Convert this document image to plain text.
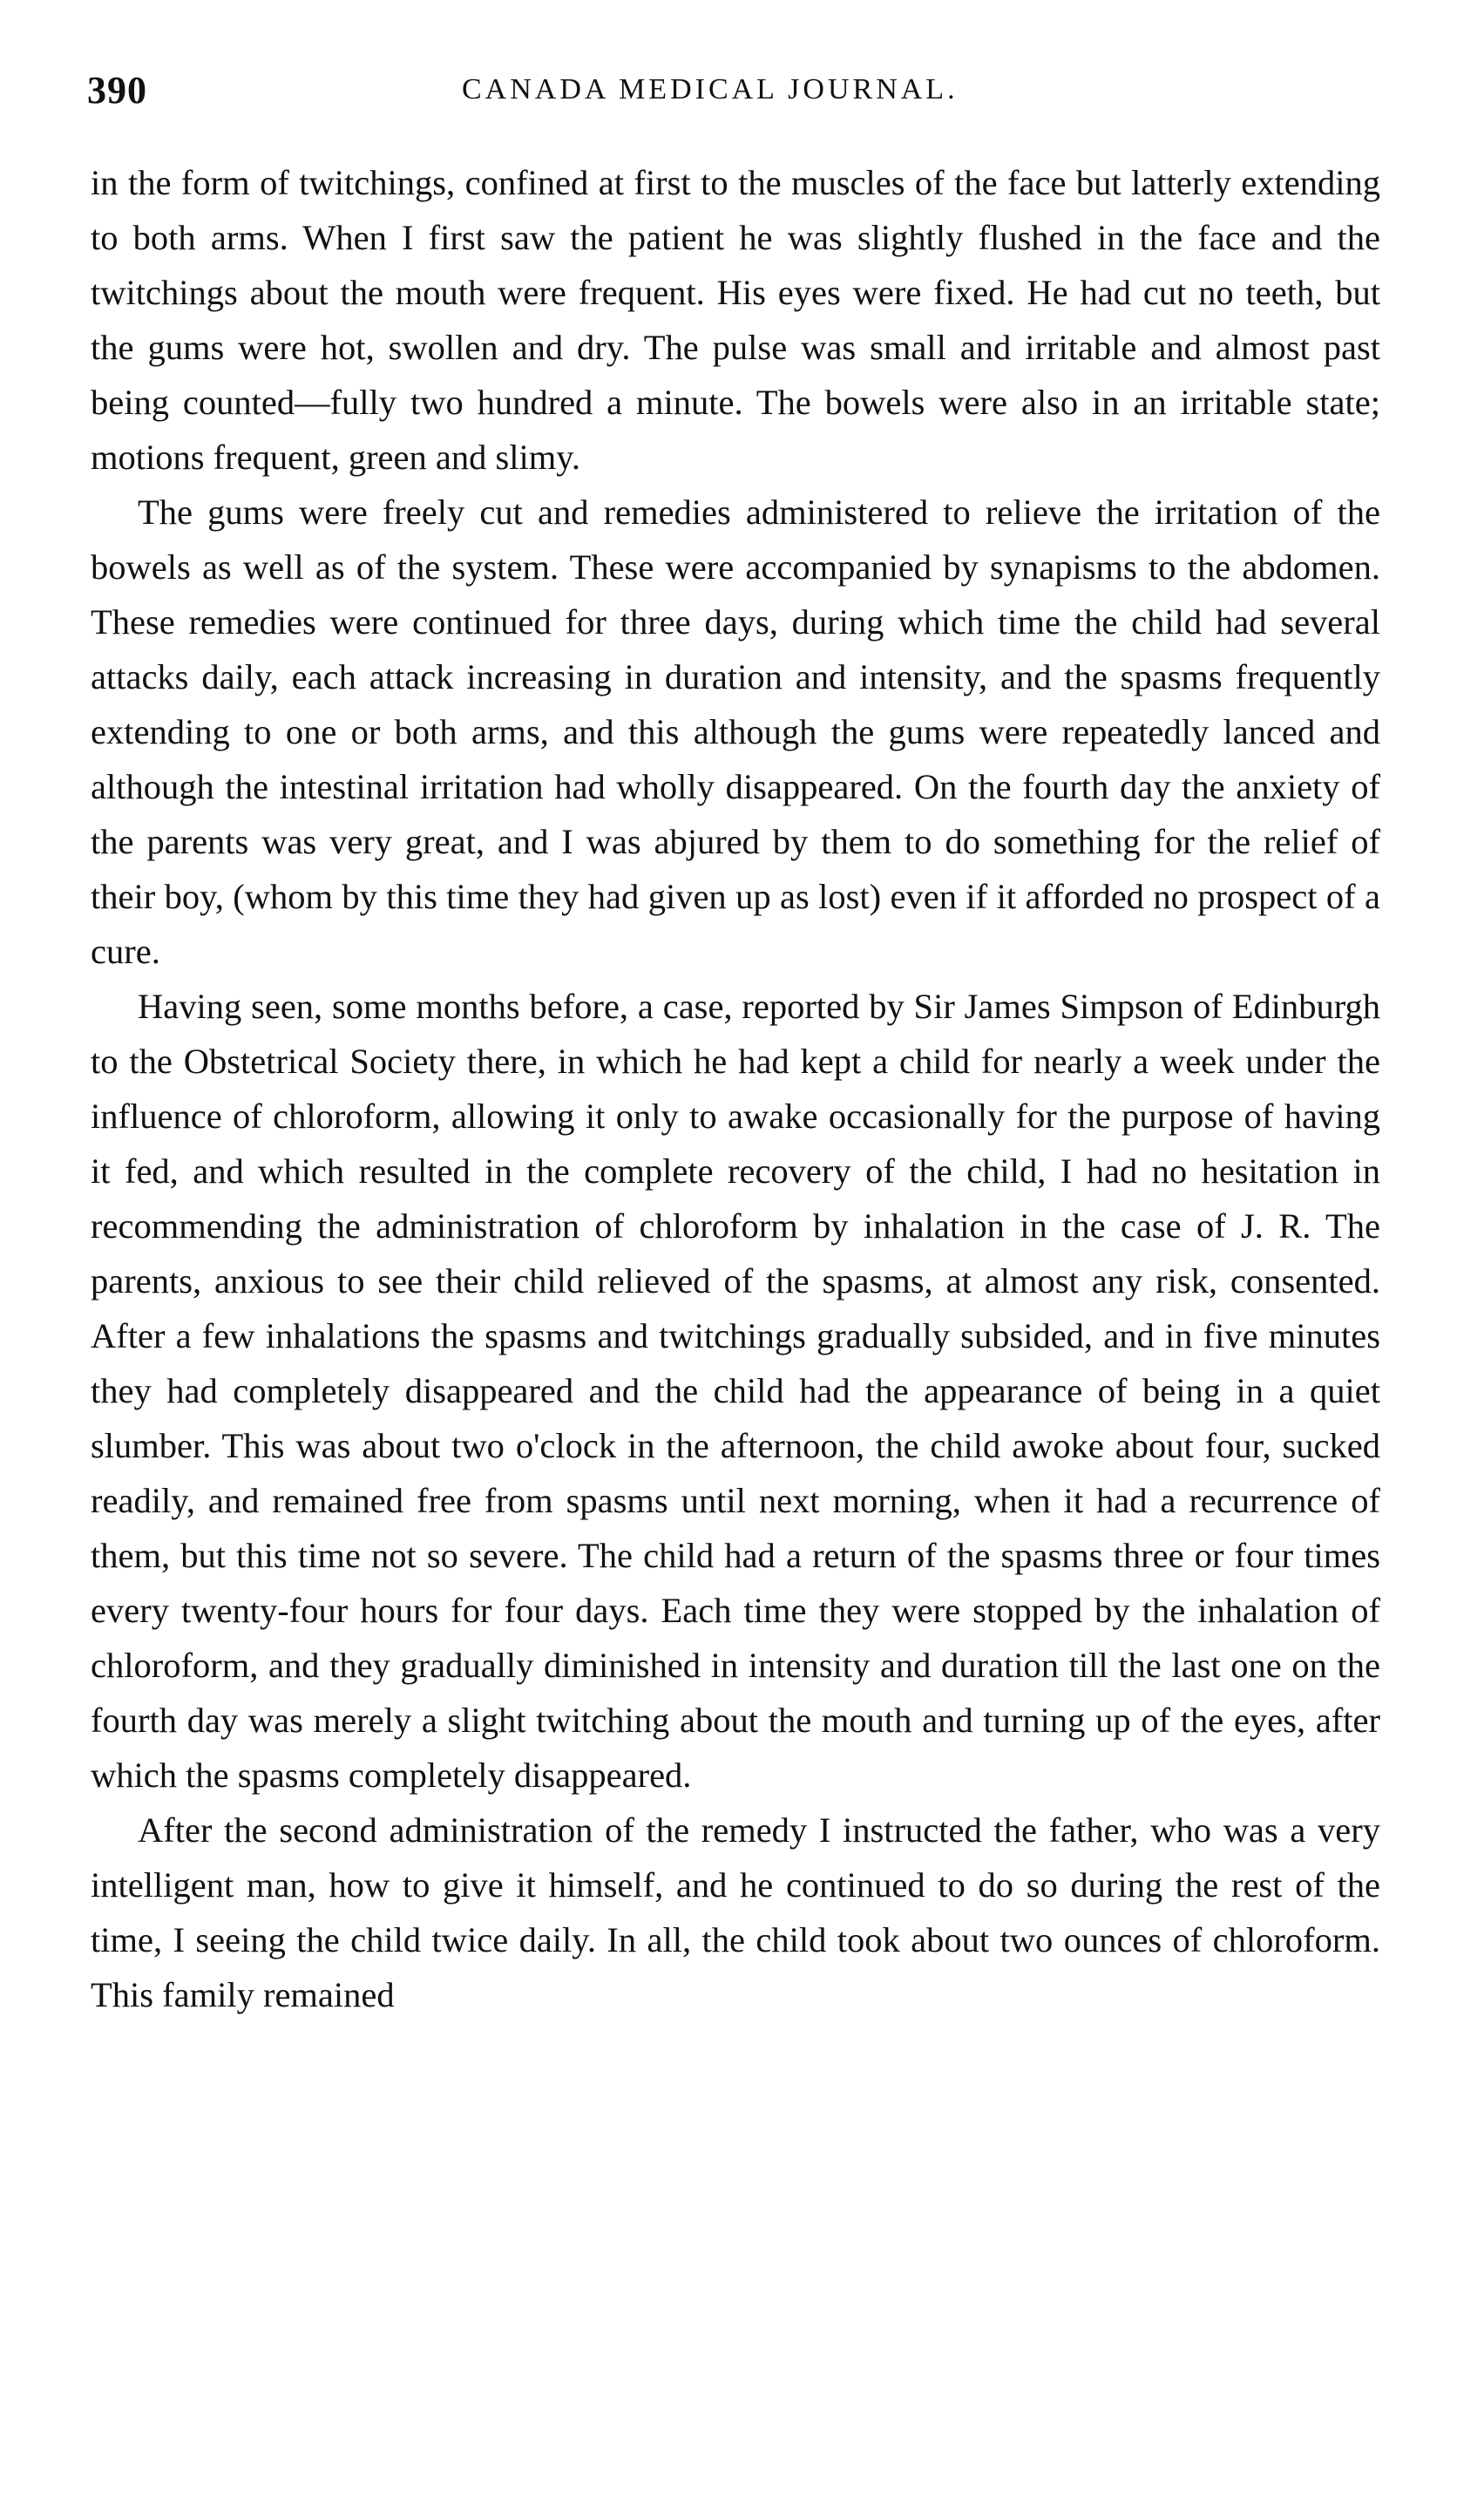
390	CANADA MEDICAL JOURNAL.

in the form of twitchings, confined at first to the muscles of the face but latterly extending to both arms. When I first saw the patient he was slightly flushed in the face and the twitchings about the mouth were frequent. His eyes were fixed. He had cut no teeth, but the gums were hot, swollen and dry. The pulse was small and irritable and almost past being counted—fully two hundred a minute. The bowels were also in an irritable state; motions frequent, green and slimy.

The gums were freely cut and remedies administered to relieve the irritation of the bowels as well as of the system. These were accompanied by synapisms to the abdomen. These remedies were continued for three days, during which time the child had several attacks daily, each attack increasing in duration and intensity, and the spasms frequently extending to one or both arms, and this although the gums were repeatedly lanced and although the intestinal irritation had wholly disappeared. On the fourth day the anxiety of the parents was very great, and I was abjured by them to do something for the relief of their boy, (whom by this time they had given up as lost) even if it afforded no prospect of a cure.

Having seen, some months before, a case, reported by Sir James Simpson of Edinburgh to the Obstetrical Society there, in which he had kept a child for nearly a week under the influence of chloroform, allowing it only to awake occasionally for the purpose of having it fed, and which resulted in the complete recovery of the child, I had no hesitation in recommending the administration of chloroform by inhalation in the case of J. R. The parents, anxious to see their child relieved of the spasms, at almost any risk, consented. After a few inhalations the spasms and twitchings gradually subsided, and in five minutes they had completely disappeared and the child had the appearance of being in a quiet slumber. This was about two o'clock in the afternoon, the child awoke about four, sucked readily, and remained free from spasms until next morning, when it had a recurrence of them, but this time not so severe. The child had a return of the spasms three or four times every twenty-four hours for four days. Each time they were stopped by the inhalation of chloroform, and they gradually diminished in intensity and duration till the last one on the fourth day was merely a slight twitching about the mouth and turning up of the eyes, after which the spasms completely disappeared.

After the second administration of the remedy I instructed the father, who was a very intelligent man, how to give it himself, and he continued to do so during the rest of the time, I seeing the child twice daily. In all, the child took about two ounces of chloroform. This family remained
